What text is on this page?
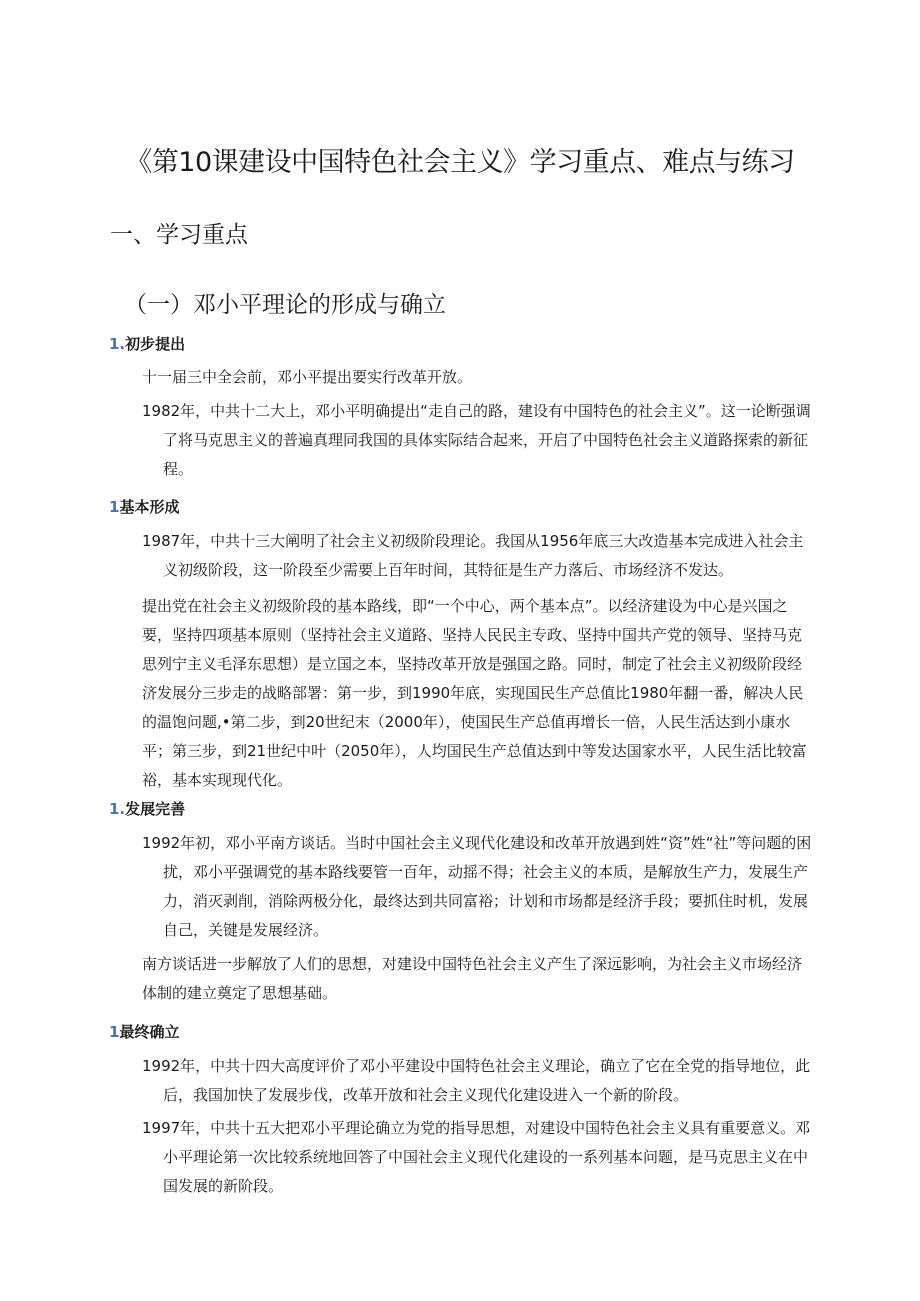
《第10课建设中国特色社会主义》学习重点、难点与练习
一、学习重点
（一）邓小平理论的形成与确立
1.初步提出

十一届三中全会前，邓小平提出要实行改革开放。

1982年，中共十二大上，邓小平明确提出“走自己的路，建设有中国特色的社会主义”。这一论断强调了将马克思主义的普遍真理同我国的具体实际结合起来，开启了中国特色社会主义道路探索的新征程。

1基本形成

1987年，中共十三大阐明了社会主义初级阶段理论。我国从1956年底三大改造基本完成进入社会主义初级阶段，这一阶段至少需要上百年时间，其特征是生产力落后、市场经济不发达。

提出党在社会主义初级阶段的基本路线，即“一个中心，两个基本点”。以经济建设为中心是兴国之要，坚持四项基本原则（坚持社会主义道路、坚持人民民主专政、坚持中国共产党的领导、坚持马克思列宁主义毛泽东思想）是立国之本，坚持改革开放是强国之路。同时，制定了社会主义初级阶段经济发展分三步走的战略部署：第一步，到1990年底，实现国民生产总值比1980年翻一番，解决人民的温饱问题,•第二步，到20世纪末（2000年），使国民生产总值再增长一倍，人民生活达到小康水平；第三步，到21世纪中叶（2050年），人均国民生产总值达到中等发达国家水平，人民生活比较富裕，基本实现现代化。

1.发展完善

1992年初，邓小平南方谈话。当时中国社会主义现代化建设和改革开放遇到姓“资”姓“社”等问题的困扰，邓小平强调党的基本路线要管一百年，动摇不得；社会主义的本质，是解放生产力，发展生产力，消灭剥削，消除两极分化，最终达到共同富裕；计划和市场都是经济手段；要抓住时机，发展自己，关键是发展经济。

南方谈话进一步解放了人们的思想，对建设中国特色社会主义产生了深远影响，为社会主义市场经济体制的建立奠定了思想基础。

1最终确立

1992年，中共十四大高度评价了邓小平建设中国特色社会主义理论，确立了它在全党的指导地位，此后，我国加快了发展步伐，改革开放和社会主义现代化建设进入一个新的阶段。

1997年，中共十五大把邓小平理论确立为党的指导思想，对建设中国特色社会主义具有重要意义。邓小平理论第一次比较系统地回答了中国社会主义现代化建设的一系列基本问题，是马克思主义在中国发展的新阶段。
